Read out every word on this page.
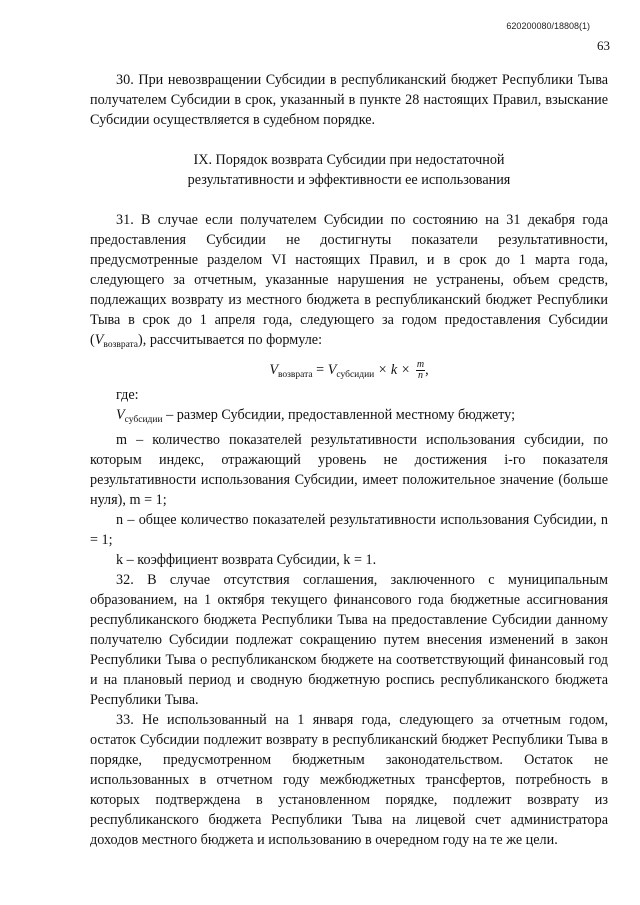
620200080/18808(1)
63

30. При невозвращении Субсидии в республиканский бюджет Республики Тыва получателем Субсидии в срок, указанный в пункте 28 настоящих Правил, взыскание Субсидии осуществляется в судебном порядке.

IX. Порядок возврата Субсидии при недостаточной

результативности и эффективности ее использования

31. В случае если получателем Субсидии по состоянию на 31 декабря года предоставления Субсидии не достигнуты показатели результативности, предусмотренные разделом VI настоящих Правил, и в срок до 1 марта года, следующего за отчетным, указанные нарушения не устранены, объем средств, подлежащих возврату из местного бюджета в республиканский бюджет Республики Тыва в срок до 1 апреля года, следующего за годом предоставления Субсидии $(V_{возврата})$, рассчитывается по формуле:

$V_{возврата} = V_{субсидии} \times k \times \frac{m}{n}$ ,

где:

$V_{субсидии}$ – размер Субсидии, предоставленной местному бюджету;

m – количество показателей результативности использования субсидии, по которым индекс, отражающий уровень не достижения i-го показателя результативности использования Субсидии, имеет положительное значение (больше нуля), m = 1;

n – общее количество показателей результативности использования Субсидии, n = 1;

k – коэффициент возврата Субсидии, k = 1.

32. В случае отсутствия соглашения, заключенного с муниципальным образованием, на 1 октября текущего финансового года бюджетные ассигнования республиканского бюджета Республики Тыва на предоставление Субсидии данному получателю Субсидии подлежат сокращению путем внесения изменений в закон Республики Тыва о республиканском бюджете на соответствующий финансовый год и на плановый период и сводную бюджетную роспись республиканского бюджета Республики Тыва.

33. Не использованный на 1 января года, следующего за отчетным годом, остаток Субсидии подлежит возврату в республиканский бюджет Республики Тыва в порядке, предусмотренном бюджетным законодательством. Остаток не использованных в отчетном году межбюджетных трансфертов, потребность в которых подтверждена в установленном порядке, подлежит возврату из республиканского бюджета Республики Тыва на лицевой счет администратора доходов местного бюджета и использованию в очередном году на те же цели.
